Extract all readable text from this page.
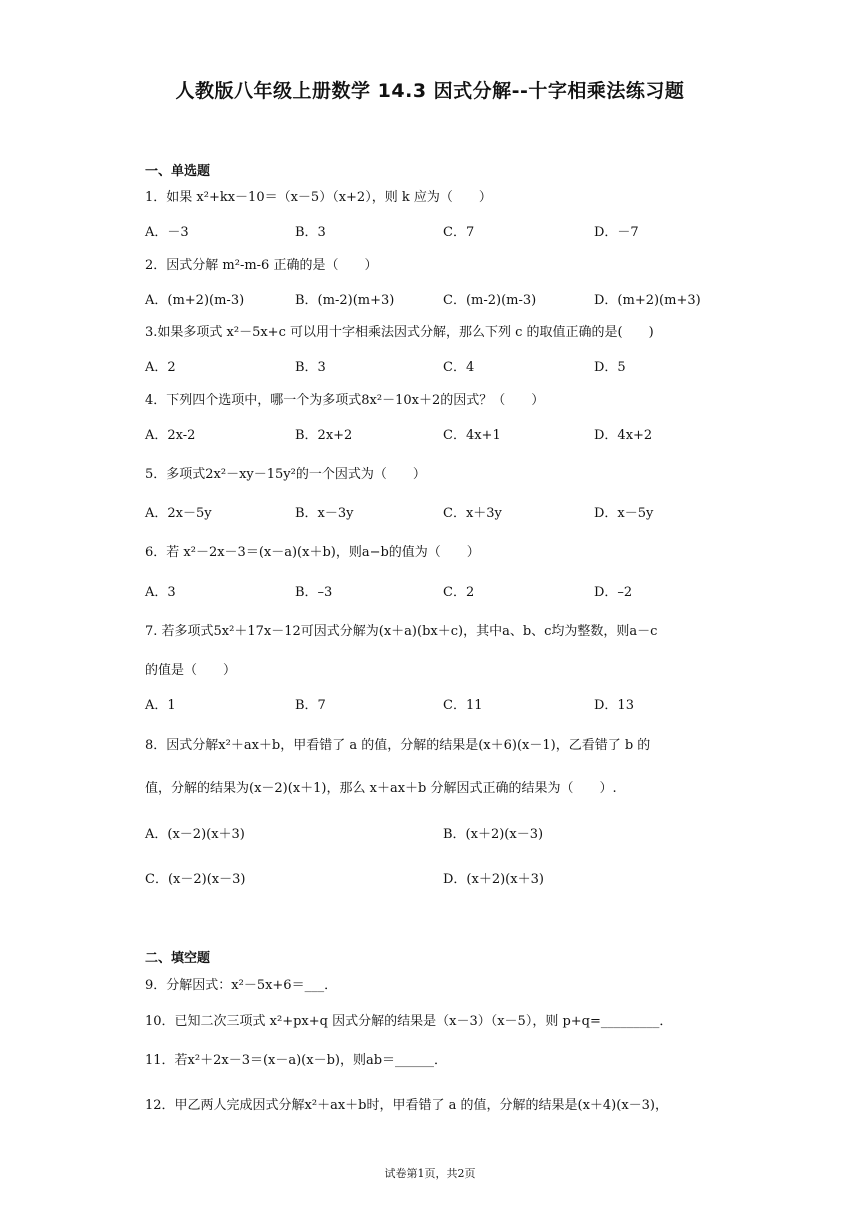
人教版八年级上册数学 14.3 因式分解--十字相乘法练习题
一、单选题
1．如果 x²+kx－10＝（x－5）（x+2），则 k 应为（　　）
A．－3	B．3	C．7	D．－7
2．因式分解 m²-m-6 正确的是（　　）
A．(m+2)(m-3)	B．(m-2)(m+3)	C．(m-2)(m-3)	D．(m+2)(m+3)
3.如果多项式 x²－5x+c 可以用十字相乘法因式分解，那么下列 c 的取值正确的是(　　)
A．2	B．3	C．4	D．5
4．下列四个选项中，哪一个为多项式8x²－10x＋2的因式？（　　）
A．2x-2	B．2x+2	C．4x+1	D．4x+2
5．多项式2x²－xy－15y²的一个因式为（　　）
A．2x－5y	B．x－3y	C．x＋3y	D．x－5y
6．若 x²－2x－3＝(x－a)(x＋b)，则a−b的值为（　　）
A．3	B．–3	C．2	D．–2
7. 若多项式5x²＋17x－12可因式分解为(x＋a)(bx＋c)，其中a、b、c均为整数，则a－c
的值是（　　）
A．1	B．7	C．11	D．13
8．因式分解x²＋ax＋b，甲看错了 a 的值，分解的结果是(x＋6)(x－1)，乙看错了 b 的
值，分解的结果为(x－2)(x＋1)，那么 x＋ax＋b 分解因式正确的结果为（　　）.
A．(x－2)(x＋3)	B．(x＋2)(x－3)
C．(x－2)(x－3)	D．(x＋2)(x＋3)
二、填空题
9．分解因式：x²－5x+6＝___．
10．已知二次三项式 x²+px+q 因式分解的结果是（x－3）（x－5），则 p+q=_________．
11．若x²＋2x－3＝(x－a)(x－b)，则ab＝______．
12．甲乙两人完成因式分解x²＋ax＋b时，甲看错了 a 的值，分解的结果是(x＋4)(x－3)，
试卷第1页，共2页
